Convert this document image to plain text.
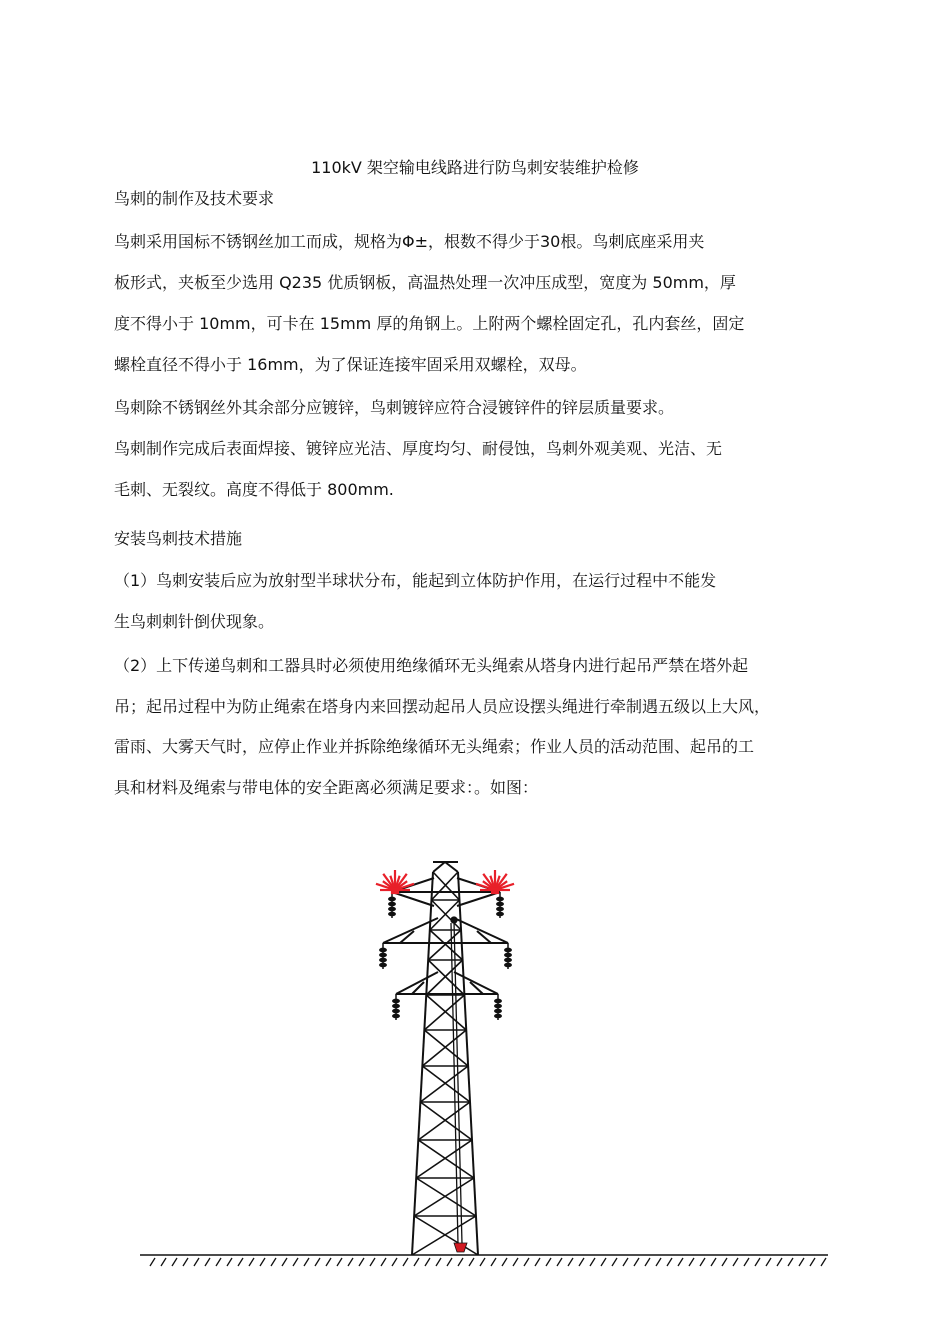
110kV 架空输电线路进行防鸟刺安装维护检修
鸟刺的制作及技术要求
鸟刺采用国标不锈钢丝加工而成，规格为Φ±，根数不得少于30根。鸟刺底座采用夹
板形式，夹板至少选用 Q235 优质钢板，高温热处理一次冲压成型，宽度为 50mm，厚
度不得小于 10mm，可卡在 15mm 厚的角钢上。上附两个螺栓固定孔，孔内套丝，固定
螺栓直径不得小于 16mm，为了保证连接牢固采用双螺栓，双母。
鸟刺除不锈钢丝外其余部分应镀锌，鸟刺镀锌应符合浸镀锌件的锌层质量要求。
鸟刺制作完成后表面焊接、镀锌应光洁、厚度均匀、耐侵蚀，鸟刺外观美观、光洁、无
毛刺、无裂纹。高度不得低于 800mm.
安装鸟刺技术措施
（1）鸟刺安装后应为放射型半球状分布，能起到立体防护作用，在运行过程中不能发
生鸟刺刺针倒伏现象。
（2）上下传递鸟刺和工器具时必须使用绝缘循环无头绳索从塔身内进行起吊严禁在塔外起
吊；起吊过程中为防止绳索在塔身内来回摆动起吊人员应设摆头绳进行牵制遇五级以上大风，
雷雨、大雾天气时，应停止作业并拆除绝缘循环无头绳索；作业人员的活动范围、起吊的工
具和材料及绳索与带电体的安全距离必须满足要求：。如图：
